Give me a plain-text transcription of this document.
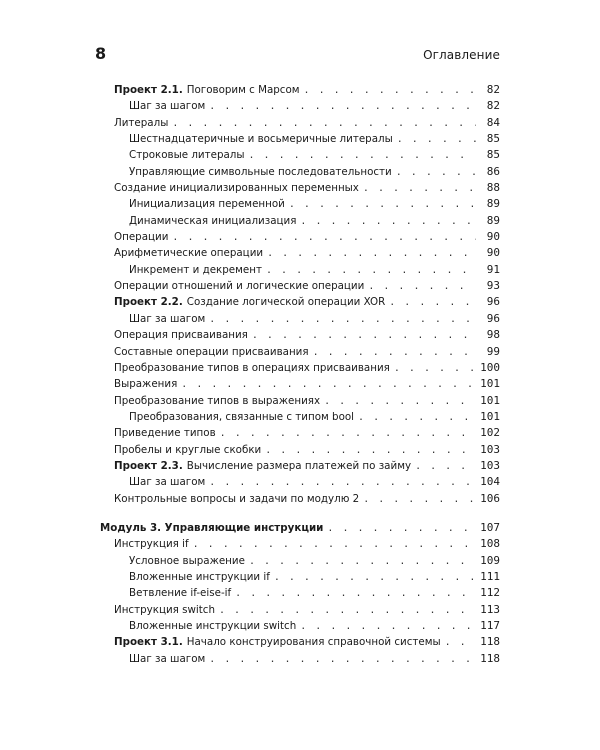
8	Оглавление
Проект 2.1. Поговорим с Марсом . . .	82
Шаг за шагом . . .	82
Литералы . . .	84
Шестнадцатеричные и восьмеричные литералы . . .	85
Строковые литералы . . .	85
Управляющие символьные последовательности . . .	86
Создание инициализированных переменных . . .	88
Инициализация переменной . . .	89
Динамическая инициализация . . .	89
Операции . . .	90
Арифметические операции . . .	90
Инкремент и декремент . . .	91
Операции отношений и логические операции . . .	93
Проект 2.2. Создание логической операции XOR . . .	96
Шаг за шагом . . .	96
Операция присваивания . . .	98
Составные операции присваивания . . .	99
Преобразование типов в операциях присваивания . . .	100
Выражения . . .	101
Преобразование типов в выражениях . . .	101
Преобразования, связанные с типом bool . . .	101
Приведение типов . . .	102
Пробелы и круглые скобки . . .	103
Проект 2.3. Вычисление размера платежей по займу . . .	103
Шаг за шагом . . .	104
Контрольные вопросы и задачи по модулю 2 . . .	106
Модуль 3. Управляющие инструкции . . .	107
Инструкция if . . .	108
Условное выражение . . .	109
Вложенные инструкции if . . .	111
Ветвление if-eise-if . . .	112
Инструкция switch . . .	113
Вложенные инструкции switch . . .	117
Проект 3.1. Начало конструирования справочной системы . . .	118
Шаг за шагом . . .	118
